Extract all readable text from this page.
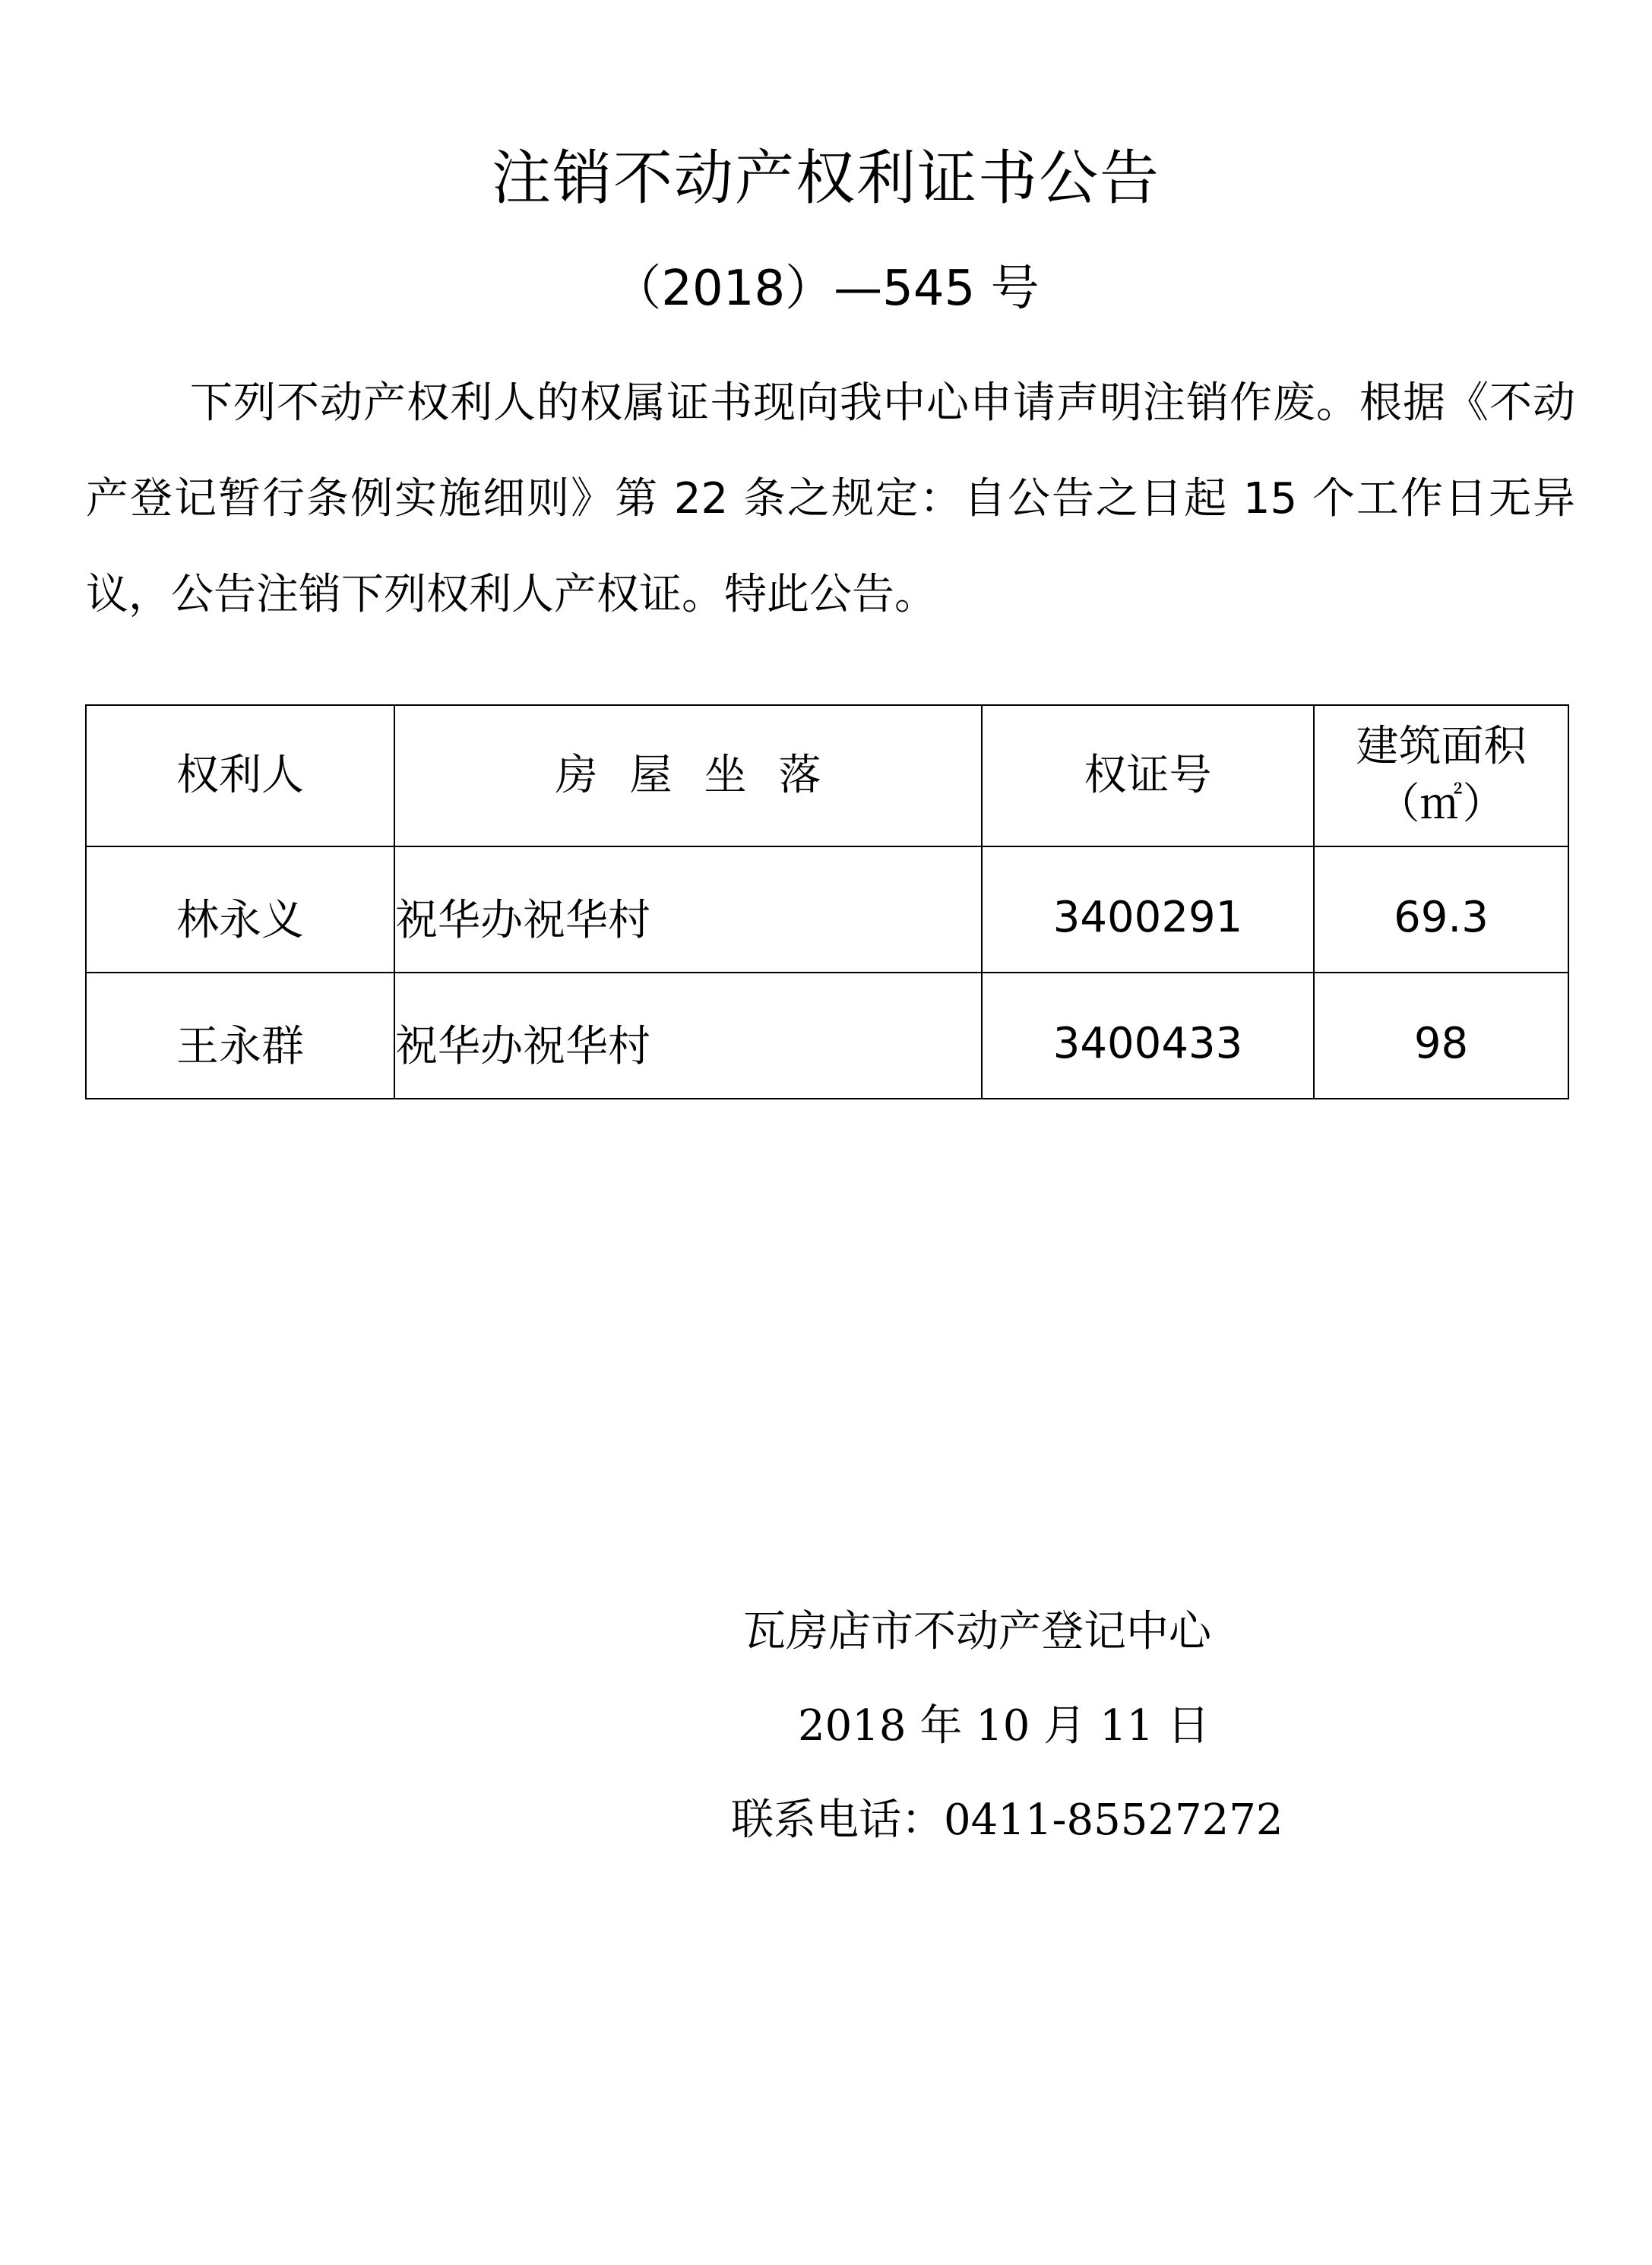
注销不动产权利证书公告
（2018）—545 号
下列不动产权利人的权属证书现向我中心申请声明注销作废。根据《不动产登记暂行条例实施细则》第 22 条之规定：自公告之日起 15 个工作日无异议，公告注销下列权利人产权证。特此公告。
权利人	房屋坐落	权证号	建筑面积
（㎡）

林永义	祝华办祝华村	3400291	69.3
王永群	祝华办祝华村	3400433	98
瓦房店市不动产登记中心
2018 年 10 月 11 日
联系电话：0411-85527272
